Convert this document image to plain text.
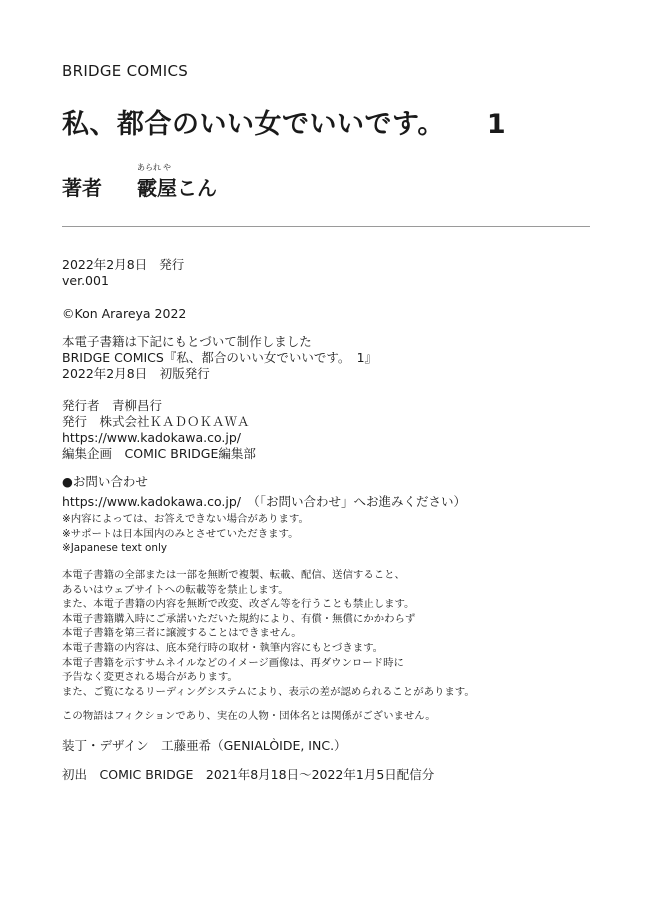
BRIDGE COMICS
私、都合のいい女でいいです。 1
著者
あられ や
霰屋こん
2022年2月8日 発行
ver.001
©Kon Arareya 2022
本電子書籍は下記にもとづいて制作しました
BRIDGE COMICS『私、都合のいい女でいいです。　1』
2022年2月8日　初版発行
発行者　青柳昌行
発行　株式会社ＫＡＤＯＫＡＷＡ
https://www.kadokawa.co.jp/
編集企画　COMIC BRIDGE編集部
●お問い合わせ
https://www.kadokawa.co.jp/　（「お問い合わせ」へお進みください）
※内容によっては、お答えできない場合があります。
※サポートは日本国内のみとさせていただきます。
※Japanese text only
本電子書籍の全部または一部を無断で複製、転載、配信、送信すること、
あるいはウェブサイトへの転載等を禁止します。
また、本電子書籍の内容を無断で改変、改ざん等を行うことも禁止します。
本電子書籍購入時にご承諾いただいた規約により、有償・無償にかかわらず
本電子書籍を第三者に譲渡することはできません。
本電子書籍の内容は、底本発行時の取材・執筆内容にもとづきます。
本電子書籍を示すサムネイルなどのイメージ画像は、再ダウンロード時に
予告なく変更される場合があります。
また、ご覧になるリーディングシステムにより、表示の差が認められることがあります。
この物語はフィクションであり、実在の人物・団体名とは関係がございません。
装丁・デザイン　工藤亜希（GENIALÒIDE, INC.）
初出　COMIC BRIDGE　2021年8月18日〜2022年1月5日配信分
